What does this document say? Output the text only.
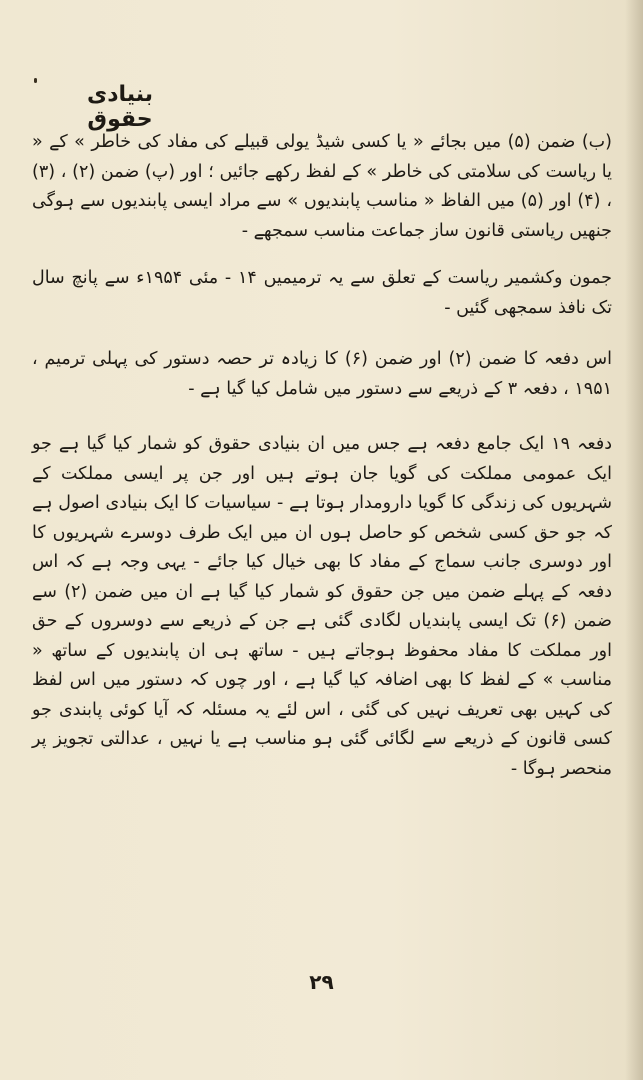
بنیادی حقوق

(ب) ضمن (۵) میں بجائے « یا کسی شیڈ یولی قبیلے کی مفاد کی خاطر » کے « یا ریاست کی سلامتی کی خاطر » کے لفظ رکھے جائیں ؛ اور (پ) ضمن (۲) ، (۳) ، (۴) اور (۵) میں الفاظ « مناسب پابندیوں » سے مراد ایسی پابندیوں سے ہوگی جنھیں ریاستی قانون ساز جماعت مناسب سمجھے -

جمون وکشمیر ریاست کے تعلق سے یہ ترمیمیں ۱۴ - مئی ۱۹۵۴ء سے پانچ سال تک نافذ سمجھی گئیں -

اس دفعہ کا ضمن (۲) اور ضمن (۶) کا زیادہ تر حصہ دستور کی پہلی ترمیم ، ۱۹۵۱ ، دفعہ ۳ کے ذریعے سے دستور میں شامل کیا گیا ہے -

دفعہ ۱۹ ایک جامع دفعہ ہے جس میں ان بنیادی حقوق کو شمار کیا گیا ہے جو ایک عمومی مملکت کی گویا جان ہوتے ہیں اور جن پر ایسی مملکت کے شہریوں کی زندگی کا گویا دارومدار ہوتا ہے - سیاسیات کا ایک بنیادی اصول ہے کہ جو حق کسی شخص کو حاصل ہوں ان میں ایک طرف دوسرے شہریوں کا اور دوسری جانب سماج کے مفاد کا بھی خیال کیا جائے - یہی وجہ ہے کہ اس دفعہ کے پہلے ضمن میں جن حقوق کو شمار کیا گیا ہے ان میں ضمن (۲) سے ضمن (۶) تک ایسی پابندیاں لگادی گئی ہے جن کے ذریعے سے دوسروں کے حق اور مملکت کا مفاد محفوظ ہوجاتے ہیں - ساتھ ہی ان پابندیوں کے ساتھ « مناسب » کے لفظ کا بھی اضافہ کیا گیا ہے ، اور چوں کہ دستور میں اس لفظ کی کہیں بھی تعریف نہیں کی گئی ، اس لئے یہ مسئلہ کہ آیا کوئی پابندی جو کسی قانون کے ذریعے سے لگائی گئی ہو مناسب ہے یا نہیں ، عدالتی تجویز پر منحصر ہوگا -

۲۹
